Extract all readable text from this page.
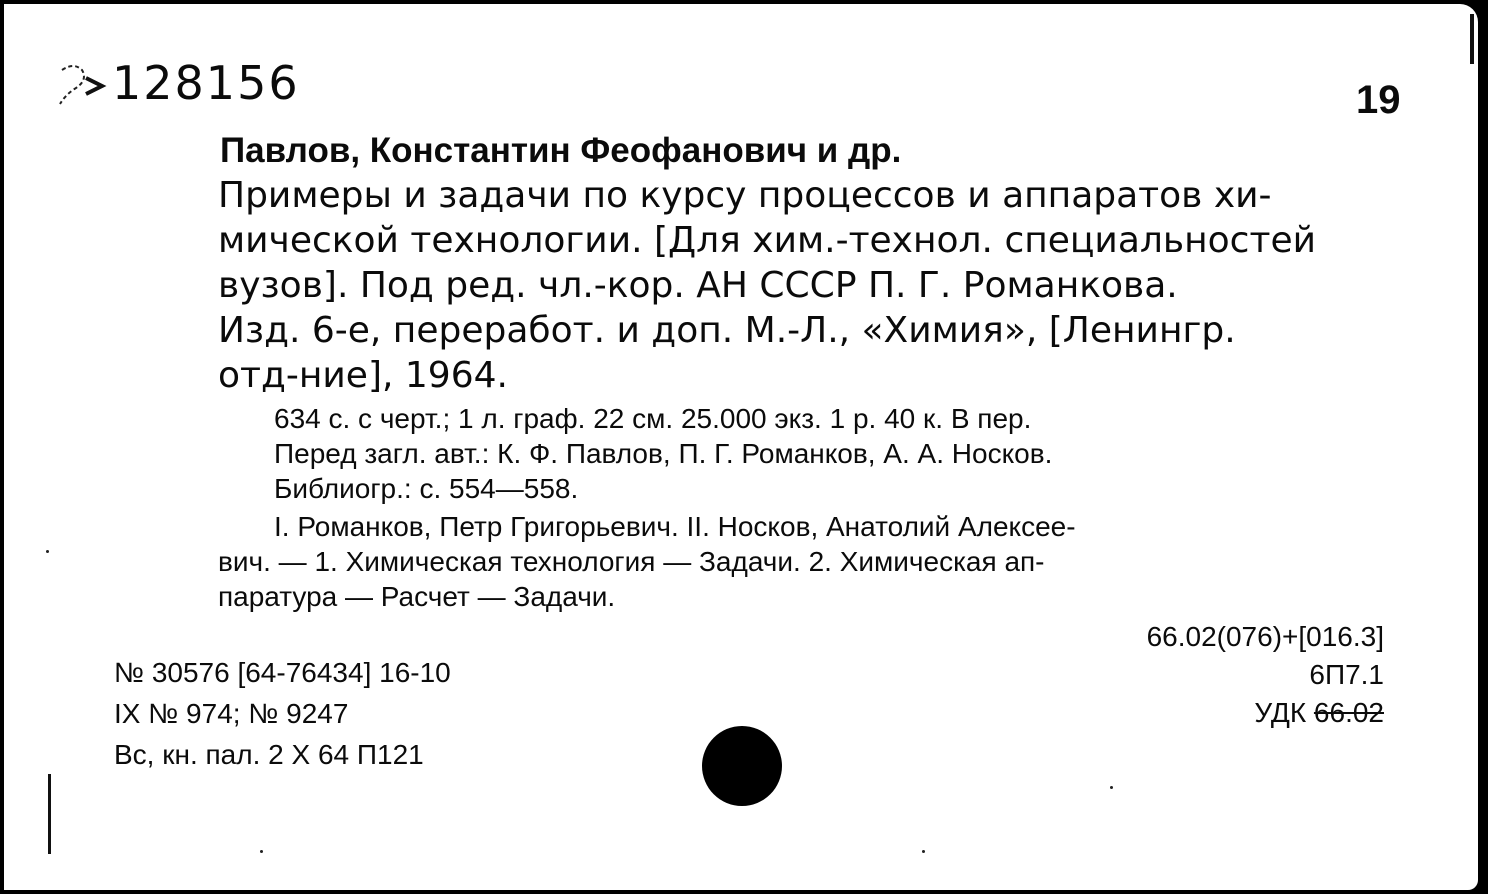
128156	19
Павлов, Константин Феофанович и др.
Примеры и задачи по курсу процессов и аппаратов хи-
мической технологии. [Для хим.-технол. специальностей
вузов]. Под ред. чл.-кор. АН СССР П. Г. Романкова.
Изд. 6-е, переработ. и доп. М.-Л., «Химия», [Ленингр.
отд-ние], 1964.
634 с. с черт.; 1 л. граф. 22 см. 25.000 экз. 1 р. 40 к. В пер.
Перед загл. авт.: К. Ф. Павлов, П. Г. Романков, А. А. Носков.
Библиогр.: с. 554—558.
I. Романков, Петр Григорьевич. II. Носков, Анатолий Алексее-
вич. — 1. Химическая технология — Задачи. 2. Химическая ап-
паратура — Расчет — Задачи.
66.02(076)+[016.3]
6П7.1
УДК 66.02
№ 30576 [64-76434] 16-10
IX № 974; № 9247
Вс, кн. пал. 2 X 64 П121
